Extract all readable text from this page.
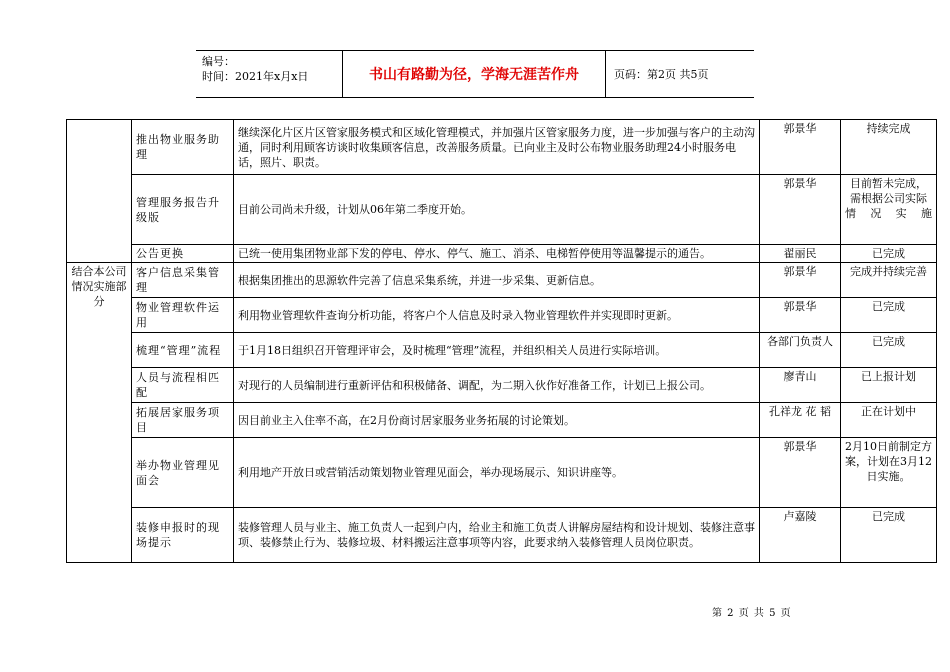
编号：
时间：2021年x月x日	书山有路勤为径，学海无涯苦作舟	页码：第2页 共5页
	推出物业服务助理	继续深化片区片区管家服务模式和区域化管理模式，并加强片区管家服务力度，进一步加强与客户的主动沟通，同时利用顾客访谈时收集顾客信息，改善服务质量。已向业主及时公布物业服务助理24小时服务电话，照片、职责。	郭景华	持续完成
	管理服务报告升级版	目前公司尚未升级，计划从06年第二季度开始。	郭景华	目前暂未完成，需根据公司实际情况实施
	公告更换	已统一使用集团物业部下发的停电、停水、停气、施工、消杀、电梯暂停使用等温馨提示的通告。	翟丽民	已完成
结合本公司情况实施部分	客户信息采集管理	根据集团推出的思源软件完善了信息采集系统，并进一步采集、更新信息。	郭景华	完成并持续完善
	物业管理软件运用	利用物业管理软件查询分析功能，将客户个人信息及时录入物业管理软件并实现即时更新。	郭景华	已完成
	梳理“管理”流程	于1月18日组织召开管理评审会，及时梳理“管理”流程，并组织相关人员进行实际培训。	各部门负责人	已完成
	人员与流程相匹配	对现行的人员编制进行重新评估和积极储备、调配，为二期入伙作好准备工作，计划已上报公司。	廖青山	已上报计划
	拓展居家服务项目	因目前业主入住率不高，在2月份商讨居家服务业务拓展的讨论策划。	孔祥龙 花 韬	正在计划中
	举办物业管理见面会	利用地产开放日或营销活动策划物业管理见面会，举办现场展示、知识讲座等。	郭景华	2月10日前制定方案，计划在3月12日实施。
	装修申报时的现场提示	装修管理人员与业主、施工负责人一起到户内，给业主和施工负责人讲解房屋结构和设计规划、装修注意事项、装修禁止行为、装修垃圾、材料搬运注意事项等内容，此要求纳入装修管理人员岗位职责。	卢嘉陵	已完成
第 2 页 共 5 页
